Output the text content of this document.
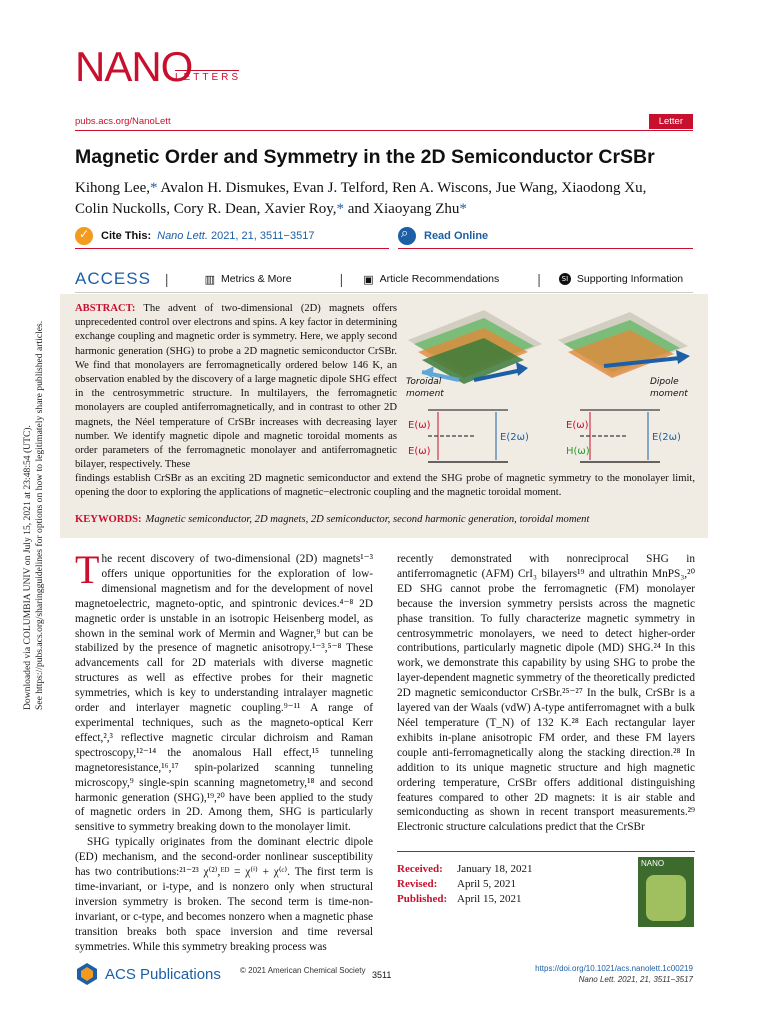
Downloaded via COLUMBIA UNIV on July 15, 2021 at 23:48:54 (UTC). See https://pubs.acs.org/sharingguidelines for options on how to legitimately share published articles.
NANO
LETTERS
pubs.acs.org/NanoLett	Letter
Magnetic Order and Symmetry in the 2D Semiconductor CrSBr
Kihong Lee,* Avalon H. Dismukes, Evan J. Telford, Ren A. Wiscons, Jue Wang, Xiaodong Xu,
Colin Nuckolls, Cory R. Dean, Xavier Roy,* and Xiaoyang Zhu*
✓
Cite This: Nano Lett. 2021, 21, 3511−3517
⌕	Read Online
ACCESS |	▥ Metrics & More	| ▣ Article Recommendations	|	SI Supporting Information
ABSTRACT: The advent of two-dimensional (2D) magnets offers unprecedented control over electrons and spins. A key factor in determining exchange coupling and magnetic order is symmetry. Here, we apply second harmonic generation (SHG) to probe a 2D magnetic semiconductor CrSBr. We find that monolayers are ferromagnetically ordered below 146 K, an observation enabled by the discovery of a large magnetic dipole SHG effect in the centrosymmetric structure. In multilayers, the ferromagnetic monolayers are coupled antiferromagnetically, and in contrast to other 2D magnets, the Néel temperature of CrSBr increases with decreasing layer number. We identify magnetic dipole and magnetic toroidal moments as order parameters of the ferromagnetic monolayer and antiferromagnetic bilayer, respectively. These
Toroidal
moment
Dipole
moment
E(ω)
E(ω)
E(2ω)
E(ω)
H(ω)
E(2ω)
findings establish CrSBr as an exciting 2D magnetic semiconductor and extend the SHG probe of magnetic symmetry to the monolayer limit, opening the door to exploring the applications of magnetic−electronic coupling and the magnetic toroidal moment.
KEYWORDS: Magnetic semiconductor, 2D magnets, 2D semiconductor, second harmonic generation, toroidal moment

The recent discovery of two-dimensional (2D) magnets¹⁻³ offers unique opportunities for the exploration of low-dimensional magnetism and for the development of novel magnetoelectric, magneto-optic, and spintronic devices.⁴⁻⁸ 2D magnetic order is unstable in an isotropic Heisenberg model, as shown in the seminal work of Mermin and Wagner,⁹ but can be stabilized by the presence of magnetic anisotropy.¹⁻³,⁵⁻⁸ These advancements call for 2D materials with diverse magnetic structures as well as effective probes for their magnetic symmetries, which is key to understanding intralayer magnetic order and interlayer magnetic coupling.⁹⁻¹¹ A range of experimental techniques, such as the magneto-optical Kerr effect,²,³ reflective magnetic circular dichroism and Raman spectroscopy,¹²⁻¹⁴ the anomalous Hall effect,¹⁵ tunneling magnetoresistance,¹⁶,¹⁷ spin-polarized scanning tunneling microscopy,⁹ single-spin scanning magnetometry,¹⁸ and second harmonic generation (SHG),¹⁹,²⁰ have been applied to the study of magnetic orders in 2D. Among them, SHG is particularly sensitive to symmetry breaking down to the monolayer limit.

SHG typically originates from the dominant electric dipole (ED) mechanism, and the second-order nonlinear susceptibility has two contributions:²¹⁻²³ χ⁽²⁾,ᴱᴰ = χ⁽ⁱ⁾ + χ⁽ᶜ⁾. The first term is time-invariant, or i-type, and is nonzero only when structural inversion symmetry is broken. The second term is time-non-invariant, or c-type, and becomes nonzero when a magnetic phase transition breaks both space inversion and time reversal symmetries. While this symmetry breaking process was

recently demonstrated with nonreciprocal SHG in antiferromagnetic (AFM) CrI₃ bilayers¹⁹ and ultrathin MnPS₃,²⁰ ED SHG cannot probe the ferromagnetic (FM) monolayer because the inversion symmetry persists across the magnetic phase transition. To fully characterize magnetic symmetry in centrosymmetric monolayers, we need to detect higher-order contributions, particularly magnetic dipole (MD) SHG.²⁴ In this work, we demonstrate this capability by using SHG to probe the layer-dependent magnetic symmetry of the theoretically predicted 2D magnetic semiconductor CrSBr.²⁵⁻²⁷ In the bulk, CrSBr is a layered van der Waals (vdW) A-type antiferromagnet with a bulk Néel temperature (T_N) of 132 K.²⁸ Each rectangular layer exhibits in-plane anisotropic FM order, and these FM layers couple anti-ferromagnetically along the stacking direction.²⁸ In addition to its unique magnetic structure and high magnetic ordering temperature, CrSBr offers additional distinguishing features compared to other 2D magnets: it is air stable and semiconducting as shown in recent transport measurements.²⁹ Electronic structure calculations predict that the CrSBr

Received:	January 18, 2021
Revised:	April 5, 2021
Published: April 15, 2021
NANO
ACS Publications © 2021 American Chemical Society 3511
https://doi.org/10.1021/acs.nanolett.1c00219
Nano Lett. 2021, 21, 3511−3517
